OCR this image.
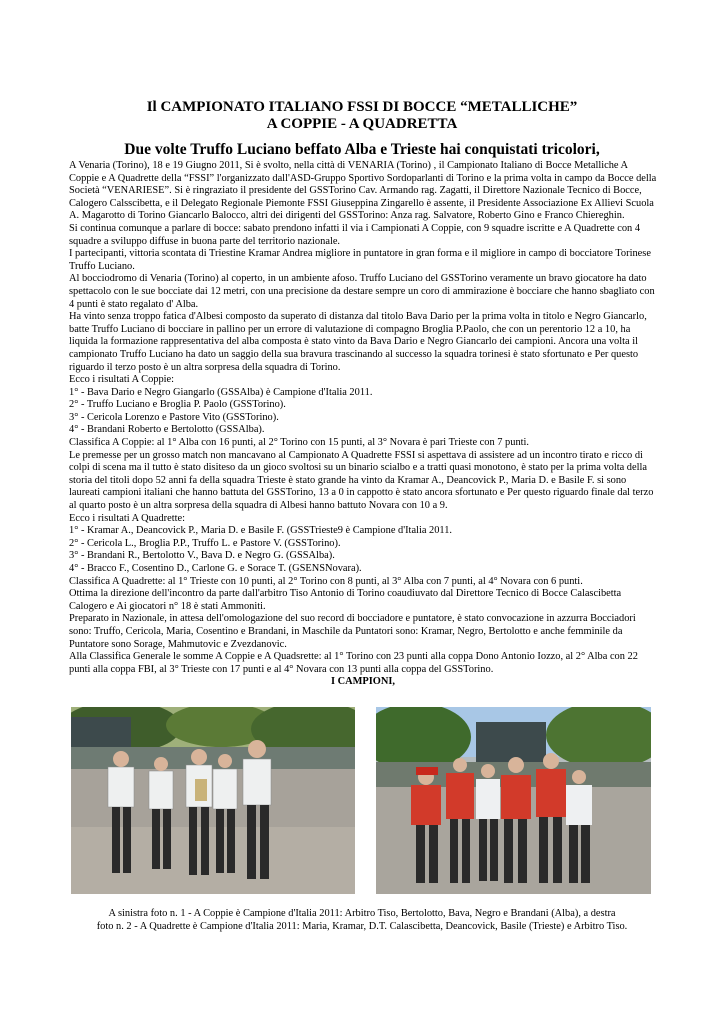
Il CAMPIONATO ITALIANO FSSI DI BOCCE “METALLICHE”
A COPPIE - A QUADRETTA
Due volte Truffo Luciano beffato Alba e Trieste hai conquistati tricolori,

A Venaria (Torino), 18 e 19 Giugno 2011, Si è svolto, nella città di VENARIA (Torino) , il Campionato Italiano di Bocce Metalliche A Coppie e A Quadrette della “FSSI” l'organizzato dall'ASD-Gruppo Sportivo Sordoparlanti di Torino e la prima volta in campo da Bocce della Società “VENARIESE”. Si è ringraziato il presidente del GSSTorino Cav. Armando rag. Zagatti, il Direttore Nazionale Tecnico di Bocce, Calogero Calsscibetta, e il Delegato Regionale Piemonte FSSI Giuseppina Zingarello è assente, il Presidente Associazione Ex Allievi Scuola A. Magarotto di Torino Giancarlo Balocco, altri dei dirigenti del GSSTorino: Anza rag. Salvatore, Roberto Gino e Franco Chiereghin.

Si continua comunque a parlare di bocce: sabato prendono infatti il via i Campionati A Coppie, con 9 squadre iscritte e A Quadrette con 4 squadre a sviluppo diffuse in buona parte del territorio nazionale.

I partecipanti, vittoria scontata di Triestine Kramar Andrea migliore in puntatore in gran forma e il migliore in campo di bocciatore Torinese Truffo Luciano.

Al bocciodromo di Venaria (Torino) al coperto, in un ambiente afoso. Truffo Luciano del GSSTorino veramente un bravo giocatore ha dato spettacolo con le sue bocciate dai 12 metri, con una precisione da destare sempre un coro di ammirazione è bocciare che hanno sbagliato con 4 punti è stato regalato d' Alba.

Ha vinto senza troppo fatica d'Albesi composto da superato di distanza dal titolo Bava Dario per la prima volta in titolo e Negro Giancarlo, batte Truffo Luciano di bocciare in pallino per un errore di valutazione di compagno Broglia P.Paolo, che con un perentorio 12 a 10, ha liquida la formazione rappresentativa del alba composta è stato vinto da Bava Dario e Negro Giancarlo dei campioni. Ancora una volta il campionato Truffo Luciano ha dato un saggio della sua bravura trascinando al successo la squadra torinesi è stato sfortunato e Per questo riguardo il terzo posto è un altra sorpresa della squadra di Torino.

Ecco i risultati A Coppie:

1° - Bava Dario e Negro Giangarlo (GSSAlba) è Campione d'Italia 2011.

2° - Truffo Luciano e Broglia P. Paolo (GSSTorino).

3° - Cericola Lorenzo e Pastore Vito (GSSTorino).

4° - Brandani Roberto e Bertolotto (GSSAlba).

Classifica A Coppie: al 1° Alba con 16 punti, al 2° Torino con 15 punti, al 3° Novara è pari Trieste con 7 punti.

Le premesse per un grosso match non mancavano al Campionato A Quadrette FSSI si aspettava di assistere ad un incontro tirato e ricco di colpi di scena ma il tutto è stato disiteso da un gioco svoltosi su un binario scialbo e a tratti quasi monotono, è stato per la prima volta della storia del titoli dopo 52 anni fa della squadra Trieste è stato grande ha vinto da Kramar A., Deancovick P., Maria D. e Basile F. si sono laureati campioni italiani che hanno battuta del GSSTorino, 13 a 0 in cappotto è stato ancora sfortunato e Per questo riguardo finale dal terzo al quarto posto è un altra sorpresa della squadra di Albesi hanno battuto Novara con 10 a 9.

Ecco i risultati A Quadrette:

1° - Kramar A., Deancovick P., Maria D. e Basile F. (GSSTrieste9 è Campione d'Italia 2011.

2° - Cericola L., Broglia P.P., Truffo L. e Pastore V. (GSSTorino).

3° - Brandani R., Bertolotto V., Bava D. e Negro G. (GSSAlba).

4° - Bracco F., Cosentino D., Carlone G. e Sorace T. (GSENSNovara).

Classifica A Quadrette: al 1° Trieste con 10 punti, al 2° Torino con 8 punti, al 3° Alba con 7 punti, al 4° Novara con 6 punti.

Ottima la direzione dell'incontro da parte dall'arbitro Tiso Antonio di Torino coaudiuvato dal Direttore Tecnico di Bocce Calascibetta Calogero e Ai giocatori n° 18 è stati Ammoniti.

Preparato in Nazionale, in attesa dell'omologazione del suo record di bocciadore e puntatore, è stato convocazione in azzurra Bocciadori sono: Truffo, Cericola, Maria, Cosentino e Brandani, in Maschile da Puntatori sono: Kramar, Negro, Bertolotto e anche femminile da Puntatore sono Sorage, Mahmutovic e Zvezdanovic.

Alla Classifica Generale le somme A Coppie e A Quadsrette: al 1° Torino con 23 punti alla coppa Dono Antonio Iozzo, al 2° Alba con 22 punti alla coppa FBI, al 3° Trieste con 17 punti e al 4° Novara con 13 punti alla coppa del GSSTorino.

I CAMPIONI,

A sinistra foto n. 1 - A Coppie è Campione d'Italia 2011: Arbitro Tiso, Bertolotto, Bava, Negro e Brandani (Alba), a destra

foto n. 2 - A Quadrette è Campione d'Italia 2011: Maria, Kramar, D.T. Calascibetta, Deancovick, Basile (Trieste) e Arbitro Tiso.
